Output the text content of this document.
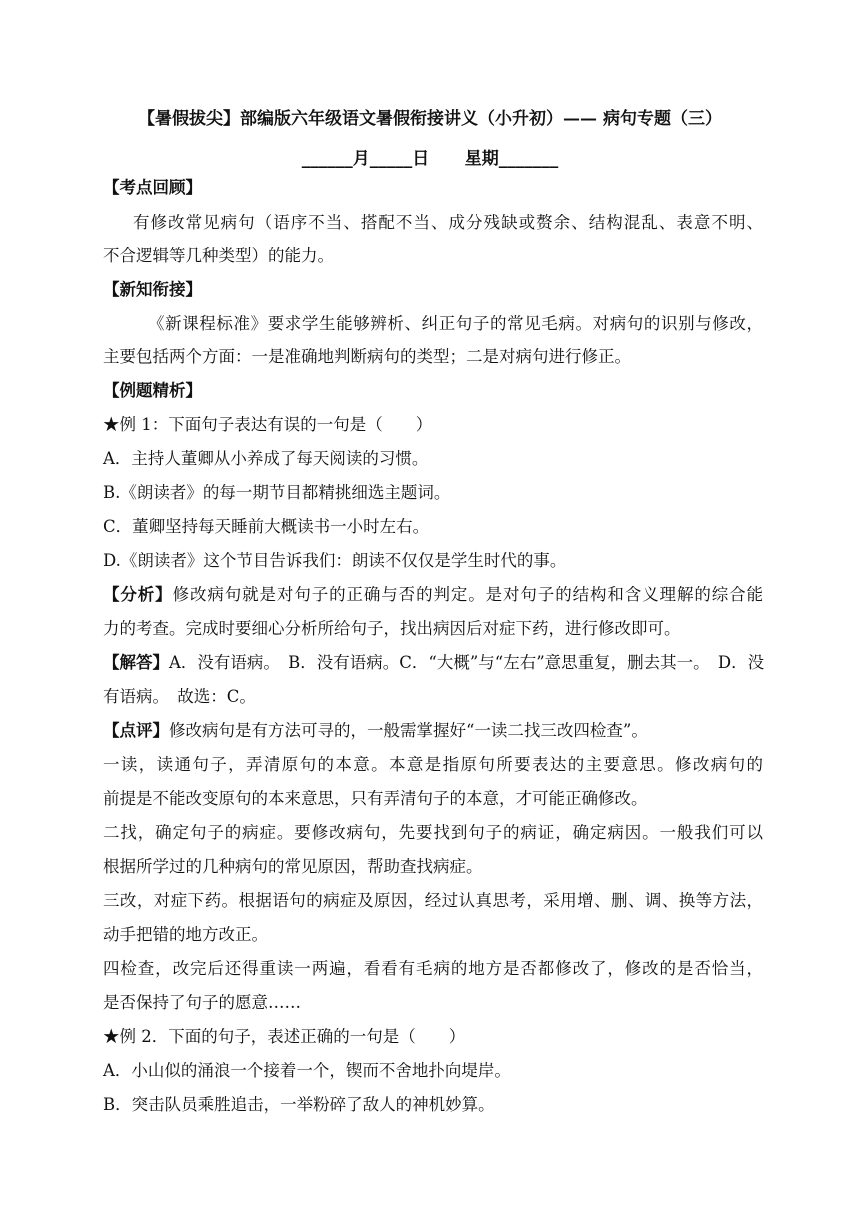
【暑假拔尖】部编版六年级语文暑假衔接讲义（小升初）—— 病句专题（三）
______月_____日      星期_______
【考点回顾】
有修改常见病句（语序不当、搭配不当、成分残缺或赘余、结构混乱、表意不明、
不合逻辑等几种类型）的能力。
【新知衔接】
《新课程标准》要求学生能够辨析、纠正句子的常见毛病。对病句的识别与修改，
主要包括两个方面：一是准确地判断病句的类型；二是对病句进行修正。
【例题精析】
★例 1：下面句子表达有误的一句是（　　）
A．主持人董卿从小养成了每天阅读的习惯。
B.《朗读者》的每一期节目都精挑细选主题词。
C．董卿坚持每天睡前大概读书一小时左右。
D.《朗读者》这个节目告诉我们：朗读不仅仅是学生时代的事。
【分析】修改病句就是对句子的正确与否的判定。是对句子的结构和含义理解的综合能
力的考查。完成时要细心分析所给句子，找出病因后对症下药，进行修改即可。
【解答】A．没有语病。　B．没有语病。C．“大概”与“左右”意思重复，删去其一。　D．没
有语病。　故选：C。
【点评】修改病句是有方法可寻的，一般需掌握好“一读二找三改四检查”。
一读，读通句子，弄清原句的本意。本意是指原句所要表达的主要意思。修改病句的
前提是不能改变原句的本来意思，只有弄清句子的本意，才可能正确修改。
二找，确定句子的病症。要修改病句，先要找到句子的病证，确定病因。一般我们可以
根据所学过的几种病句的常见原因，帮助查找病症。
三改，对症下药。根据语句的病症及原因，经过认真思考，采用增、删、调、换等方法，
动手把错的地方改正。
四检查，改完后还得重读一两遍，看看有毛病的地方是否都修改了，修改的是否恰当，
是否保持了句子的愿意……
★例 2．下面的句子，表述正确的一句是（　　）
A．小山似的涌浪一个接着一个，锲而不舍地扑向堤岸。
B．突击队员乘胜追击，一举粉碎了敌人的神机妙算。
